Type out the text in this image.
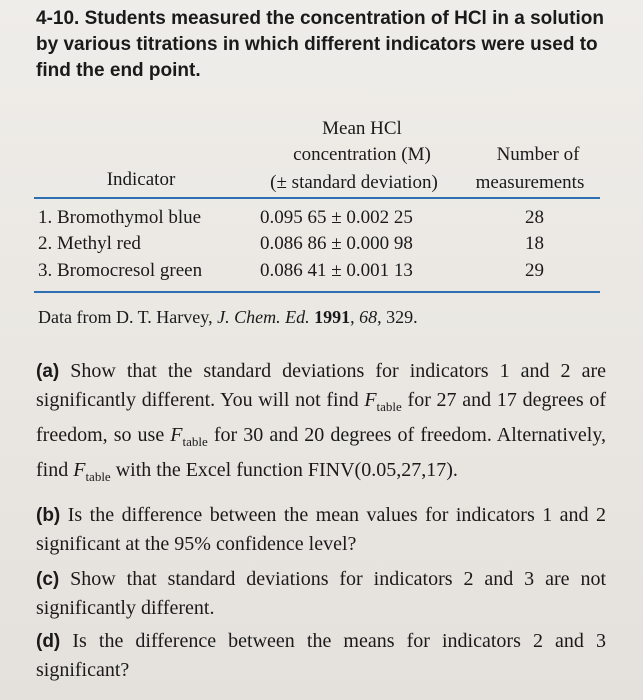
4-10. Students measured the concentration of HCl in a solution by various titrations in which different indicators were used to find the end point.
Mean HCl
concentration (M)	Number of
Indicator	(± standard deviation)	measurements
1. Bromothymol blue	0.095 65 ± 0.002 25	28
2. Methyl red	0.086 86 ± 0.000 98	18
3. Bromocresol green	0.086 41 ± 0.001 13	29
Data from D. T. Harvey, J. Chem. Ed. 1991, 68, 329.
(a) Show that the standard deviations for indicators 1 and 2 are significantly different. You will not find $F_{table}$ for 27 and 17 degrees of freedom, so use $F_{table}$ for 30 and 20 degrees of freedom. Alternatively, find $F_{table}$ with the Excel function FINV(0.05,27,17).
(b) Is the difference between the mean values for indicators 1 and 2 significant at the 95% confidence level?
(c) Show that standard deviations for indicators 2 and 3 are not significantly different.
(d) Is the difference between the means for indicators 2 and 3 significant?
